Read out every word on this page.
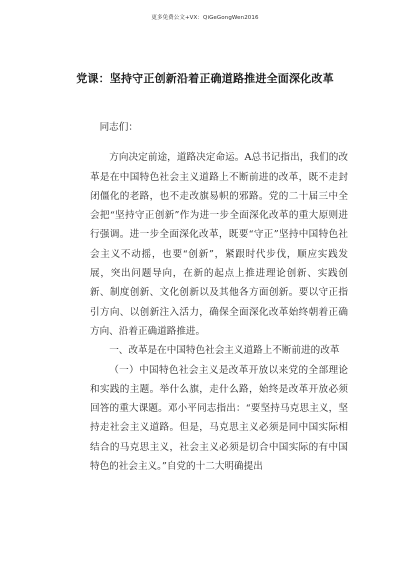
更多免费公文+VX：QiGeGongWen2016
党课：坚持守正创新沿着正确道路推进全面深化改革

同志们：

方向决定前途，道路决定命运。A总书记指出，我们的改革是在中国特色社会主义道路上不断前进的改革，既不走封闭僵化的老路，也不走改旗易帜的邪路。党的二十届三中全会把“坚持守正创新”作为进一步全面深化改革的重大原则进行强调。进一步全面深化改革，既要“守正”坚持中国特色社会主义不动摇，也要“创新”，紧跟时代步伐，顺应实践发展，突出问题导向，在新的起点上推进理论创新、实践创新、制度创新、文化创新以及其他各方面创新。要以守正指引方向、以创新注入活力，确保全面深化改革始终朝着正确方向、沿着正确道路推进。

一、改革是在中国特色社会主义道路上不断前进的改革

（一）中国特色社会主义是改革开放以来党的全部理论和实践的主题。举什么旗，走什么路，始终是改革开放必须回答的重大课题。邓小平同志指出：“要坚持马克思主义，坚持走社会主义道路。但是，马克思主义必须是同中国实际相结合的马克思主义，社会主义必须是切合中国实际的有中国特色的社会主义。”自党的十二大明确提出
